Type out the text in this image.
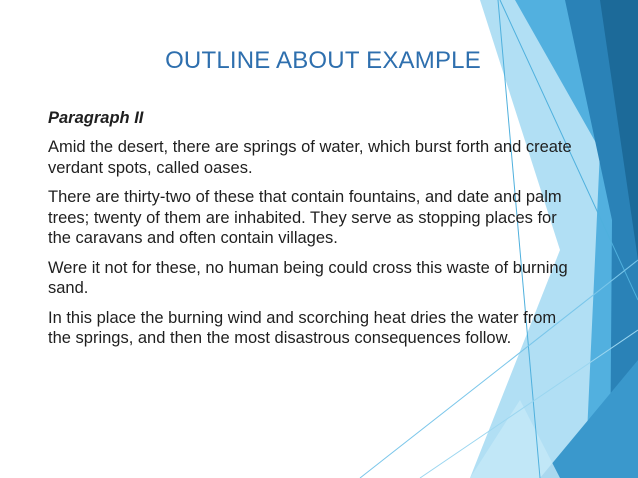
OUTLINE ABOUT EXAMPLE
Paragraph II

Amid the desert, there are springs of water, which burst forth and create verdant spots, called oases.

There are thirty-two of these that contain fountains, and date and palm trees; twenty of them are inhabited. They serve as stopping places for the caravans and often contain villages.

Were it not for these, no human being could cross this waste of burning sand.

In this place the burning wind and scorching heat dries the water from the springs, and then the most disastrous consequences follow.
